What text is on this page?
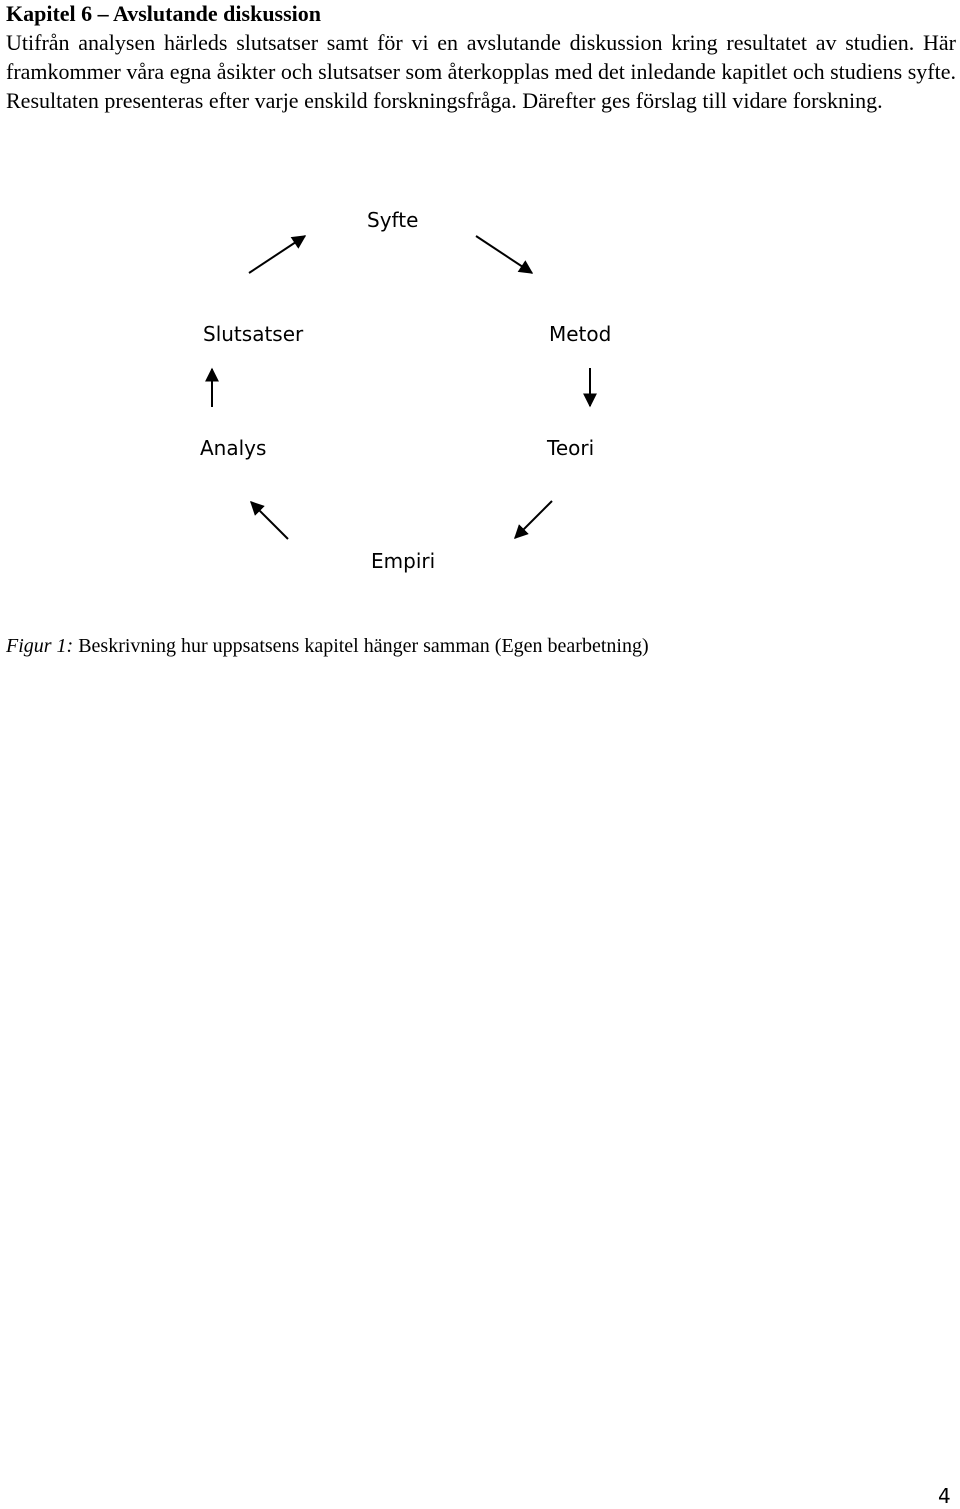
Kapitel 6 – Avslutande diskussion

Utifrån analysen härleds slutsatser samt för vi en avslutande diskussion kring resultatet av studien. Här framkommer våra egna åsikter och slutsatser som återkopplas med det inledande kapitlet och studiens syfte. Resultaten presenteras efter varje enskild forskningsfråga. Därefter ges förslag till vidare forskning.

Syfte
Slutsatser	Metod
Analys	Teori
Empiri

Figur 1: Beskrivning hur uppsatsens kapitel hänger samman (Egen bearbetning)

4
